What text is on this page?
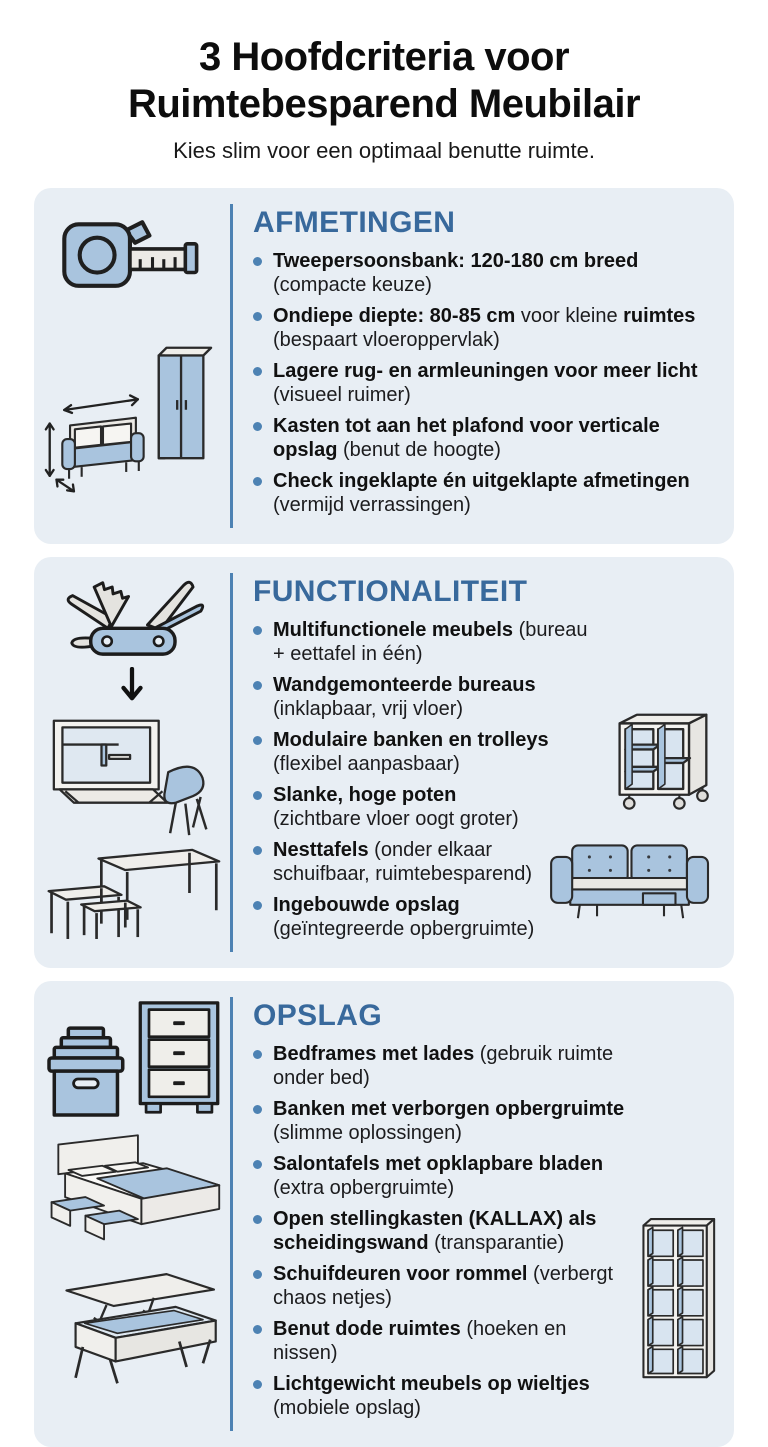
3 Hoofdcriteria voor
Ruimtebesparend Meubilair

Kies slim voor een optimaal benutte ruimte.

AFMETINGEN
Tweepersoonsbank: 120-180 cm breed (compacte keuze)
Ondiepe diepte: 80-85 cm voor kleine ruimtes (bespaart vloeroppervlak)
Lagere rug- en armleuningen voor meer licht (visueel ruimer)
Kasten tot aan het plafond voor verticale opslag (benut de hoogte)
Check ingeklapte én uitgeklapte afmetingen (vermijd verrassingen)
FUNCTIONALITEIT
Multifunctionele meubels (bureau + eettafel in één)
Wandgemonteerde bureaus (inklapbaar, vrij vloer)
Modulaire banken en trolleys (flexibel aanpasbaar)
Slanke, hoge poten (zichtbare vloer oogt groter)
Nesttafels (onder elkaar schuifbaar, ruimtebesparend)
Ingebouwde opslag (geïntegreerde opbergruimte)
OPSLAG
Bedframes met lades (gebruik ruimte onder bed)
Banken met verborgen opbergruimte (slimme oplossingen)
Salontafels met opklapbare bladen (extra opbergruimte)
Open stellingkasten (KALLAX) als scheidingswand (transparantie)
Schuifdeuren voor rommel (verbergt chaos netjes)
Benut dode ruimtes (hoeken en nissen)
Lichtgewicht meubels op wieltjes (mobiele opslag)
